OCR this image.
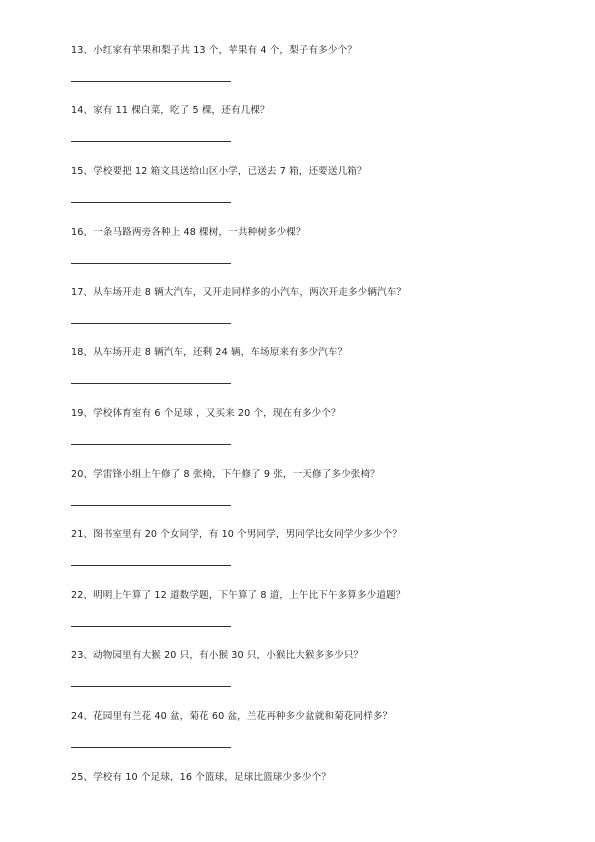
13、小红家有苹果和梨子共 13 个，苹果有 4 个，梨子有多少个？
14、家有 11 棵白菜，吃了 5 棵，还有几棵？
15、学校要把 12 箱文具送给山区小学，已送去 7 箱，还要送几箱？
16、一条马路两旁各种上 48 棵树，一共种树多少棵？
17、从车场开走 8 辆大汽车，又开走同样多的小汽车，两次开走多少辆汽车？
18、从车场开走 8 辆汽车，还剩 24 辆，车场原来有多少汽车？
19、学校体育室有 6 个足球 ，又买来 20 个，现在有多少个？
20、学雷锋小组上午修了 8 张椅，下午修了 9 张，一天修了多少张椅？
21、图书室里有 20 个女同学，有 10 个男同学，男同学比女同学少多少个？
22、明明上午算了 12 道数学题，下午算了 8 道，上午比下午多算多少道题？
23、动物园里有大猴 20 只，有小猴 30 只，小猴比大猴多多少只？
24、花园里有兰花 40 盆，菊花 60 盆，兰花再种多少盆就和菊花同样多？
25、学校有 10 个足球，16 个篮球，足球比篮球少多少个？
